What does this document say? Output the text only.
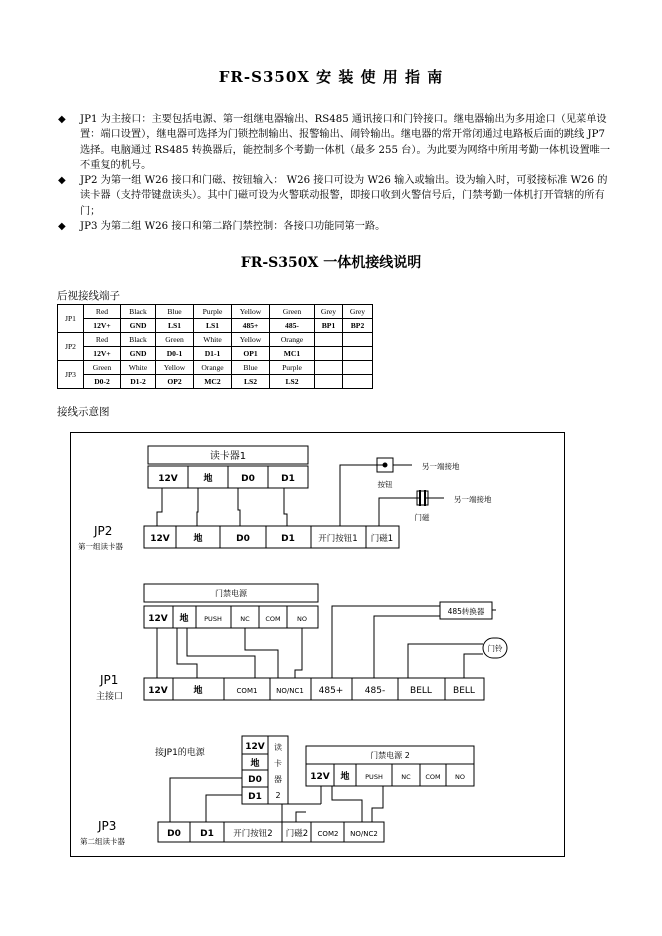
FR-S350X 安 装 使 用 指 南

◆ JP1 为主接口：主要包括电源、第一组继电器输出、RS485 通讯接口和门铃接口。继电器输出为多用途口（见菜单设置：端口设置），继电器可选择为门锁控制输出、报警输出、闹铃输出。继电器的常开常闭通过电路板后面的跳线 JP7 选择。电脑通过 RS485 转换器后，能控制多个考勤一体机（最多 255 台）。为此要为网络中所用考勤一体机设置唯一不重复的机号。

◆ JP2 为第一组 W26 接口和门磁、按钮输入： W26 接口可设为 W26 输入或输出。设为输入时，可驳接标准 W26 的读卡器（支持带键盘读头）。其中门磁可设为火警联动报警，即接口收到火警信号后，门禁考勤一体机打开管辖的所有门；

◆ JP3 为第二组 W26 接口和第二路门禁控制：各接口功能同第一路。

FR-S350X 一体机接线说明
后视接线端子
JP1	Red	Black	Blue	Purple	Yellow	Green	Grey	Grey
	12V+	GND	LS1	LS1	485+	485-	BP1	BP2
JP2	Red	Black	Green	White	Yellow	Orange		
	12V+	GND	D0-1	D1-1	OP1	MC1		
JP3	Green	White	Yellow	Orange	Blue	Purple		
	D0-2	D1-2	OP2	MC2	LS2	LS2		
接线示意图
读卡器1
12V	地	D0	D1
按钮
门磁
另一端接地
另一端接地
JP2
第一组读卡器
12V	地	D0	D1	开门按钮1 门磁1
门禁电源
12V 地 PUSH	NC COM	NO
485转换器
门铃
JP1
主接口
12V	地	COM1	NO/NC1 485+ 485-	BELL BELL
接JP1的电源
12V
地
D0
D1
读
卡
器
2
门禁电源 2
12V 地 PUSH	NC COM NO
JP3
第二组读卡器
D0 D1 开门按钮2 门磁2 COM2 NO/NC2
